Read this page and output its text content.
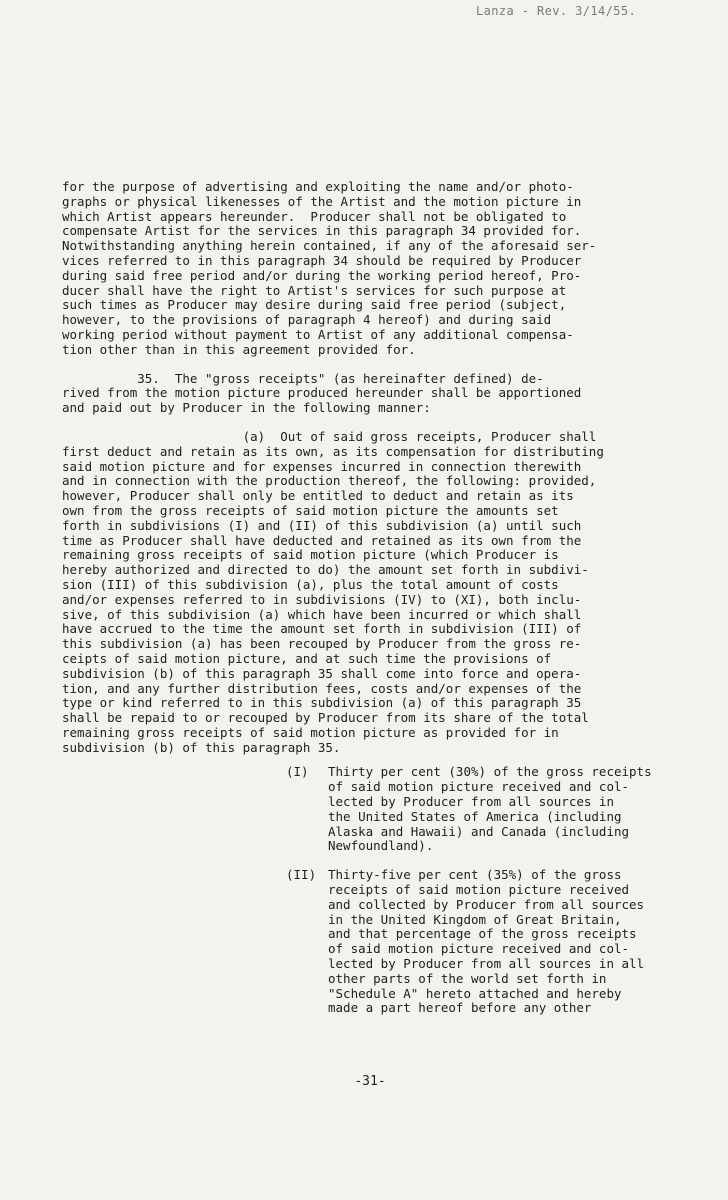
Lanza - Rev. 3/14/55.
for the purpose of advertising and exploiting the name and/or photo-
graphs or physical likenesses of the Artist and the motion picture in
which Artist appears hereunder.  Producer shall not be obligated to
compensate Artist for the services in this paragraph 34 provided for.
Notwithstanding anything herein contained, if any of the aforesaid ser-
vices referred to in this paragraph 34 should be required by Producer
during said free period and/or during the working period hereof, Pro-
ducer shall have the right to Artist's services for such purpose at
such times as Producer may desire during said free period (subject,
however, to the provisions of paragraph 4 hereof) and during said
working period without payment to Artist of any additional compensa-
tion other than in this agreement provided for.
35.  The "gross receipts" (as hereinafter defined) de-
rived from the motion picture produced hereunder shall be apportioned
and paid out by Producer in the following manner:
(a)  Out of said gross receipts, Producer shall
first deduct and retain as its own, as its compensation for distributing
said motion picture and for expenses incurred in connection therewith
and in connection with the production thereof, the following: provided,
however, Producer shall only be entitled to deduct and retain as its
own from the gross receipts of said motion picture the amounts set
forth in subdivisions (I) and (II) of this subdivision (a) until such
time as Producer shall have deducted and retained as its own from the
remaining gross receipts of said motion picture (which Producer is
hereby authorized and directed to do) the amount set forth in subdivi-
sion (III) of this subdivision (a), plus the total amount of costs
and/or expenses referred to in subdivisions (IV) to (XI), both inclu-
sive, of this subdivision (a) which have been incurred or which shall
have accrued to the time the amount set forth in subdivision (III) of
this subdivision (a) has been recouped by Producer from the gross re-
ceipts of said motion picture, and at such time the provisions of
subdivision (b) of this paragraph 35 shall come into force and opera-
tion, and any further distribution fees, costs and/or expenses of the
type or kind referred to in this subdivision (a) of this paragraph 35
shall be repaid to or recouped by Producer from its share of the total
remaining gross receipts of said motion picture as provided for in
subdivision (b) of this paragraph 35.
(I)	Thirty per cent (30%) of the gross receipts
of said motion picture received and col-
lected by Producer from all sources in
the United States of America (including
Alaska and Hawaii) and Canada (including
Newfoundland).
(II) Thirty-five per cent (35%) of the gross
receipts of said motion picture received
and collected by Producer from all sources
in the United Kingdom of Great Britain,
and that percentage of the gross receipts
of said motion picture received and col-
lected by Producer from all sources in all
other parts of the world set forth in
"Schedule A" hereto attached and hereby
made a part hereof before any other
-31-
